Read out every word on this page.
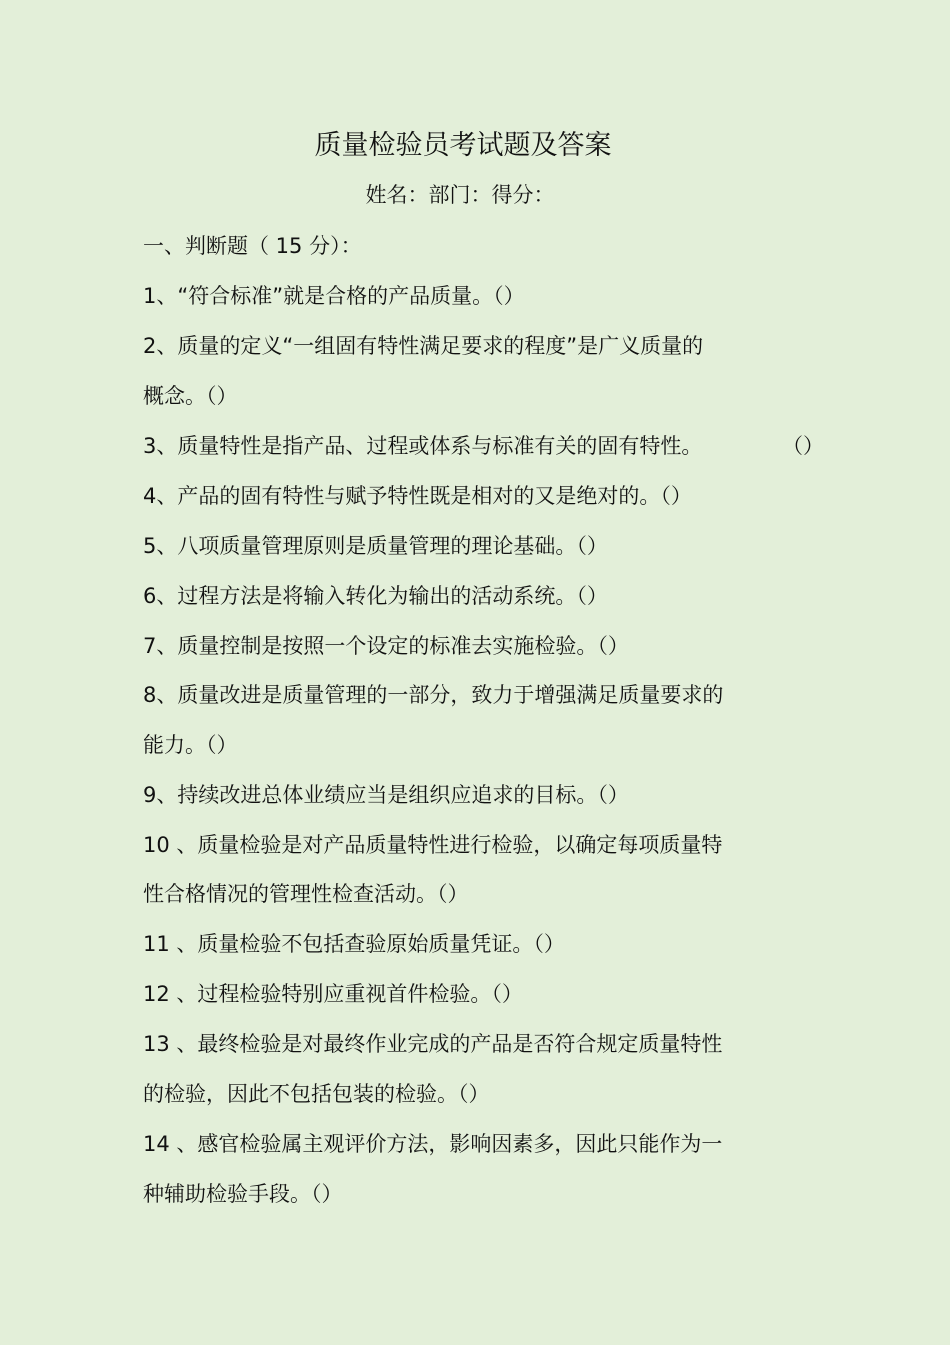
质量检验员考试题及答案
姓名：部门：得分：
一、判断题（ 15 分）：
1、“符合标准”就是合格的产品质量。（）
2、质量的定义“一组固有特性满足要求的程度”是广义质量的
概念。（）
3、质量特性是指产品、过程或体系与标准有关的固有特性。	（）
4、产品的固有特性与赋予特性既是相对的又是绝对的。（）
5、八项质量管理原则是质量管理的理论基础。（）
6、过程方法是将输入转化为输出的活动系统。（）
7、质量控制是按照一个设定的标准去实施检验。（）
8、质量改进是质量管理的一部分，致力于增强满足质量要求的
能力。（）
9、持续改进总体业绩应当是组织应追求的目标。（）
10 、质量检验是对产品质量特性进行检验，以确定每项质量特
性合格情况的管理性检查活动。（）
11 、质量检验不包括查验原始质量凭证。（）
12 、过程检验特别应重视首件检验。（）
13 、最终检验是对最终作业完成的产品是否符合规定质量特性
的检验，因此不包括包装的检验。（）
14 、感官检验属主观评价方法，影响因素多，因此只能作为一
种辅助检验手段。（）
